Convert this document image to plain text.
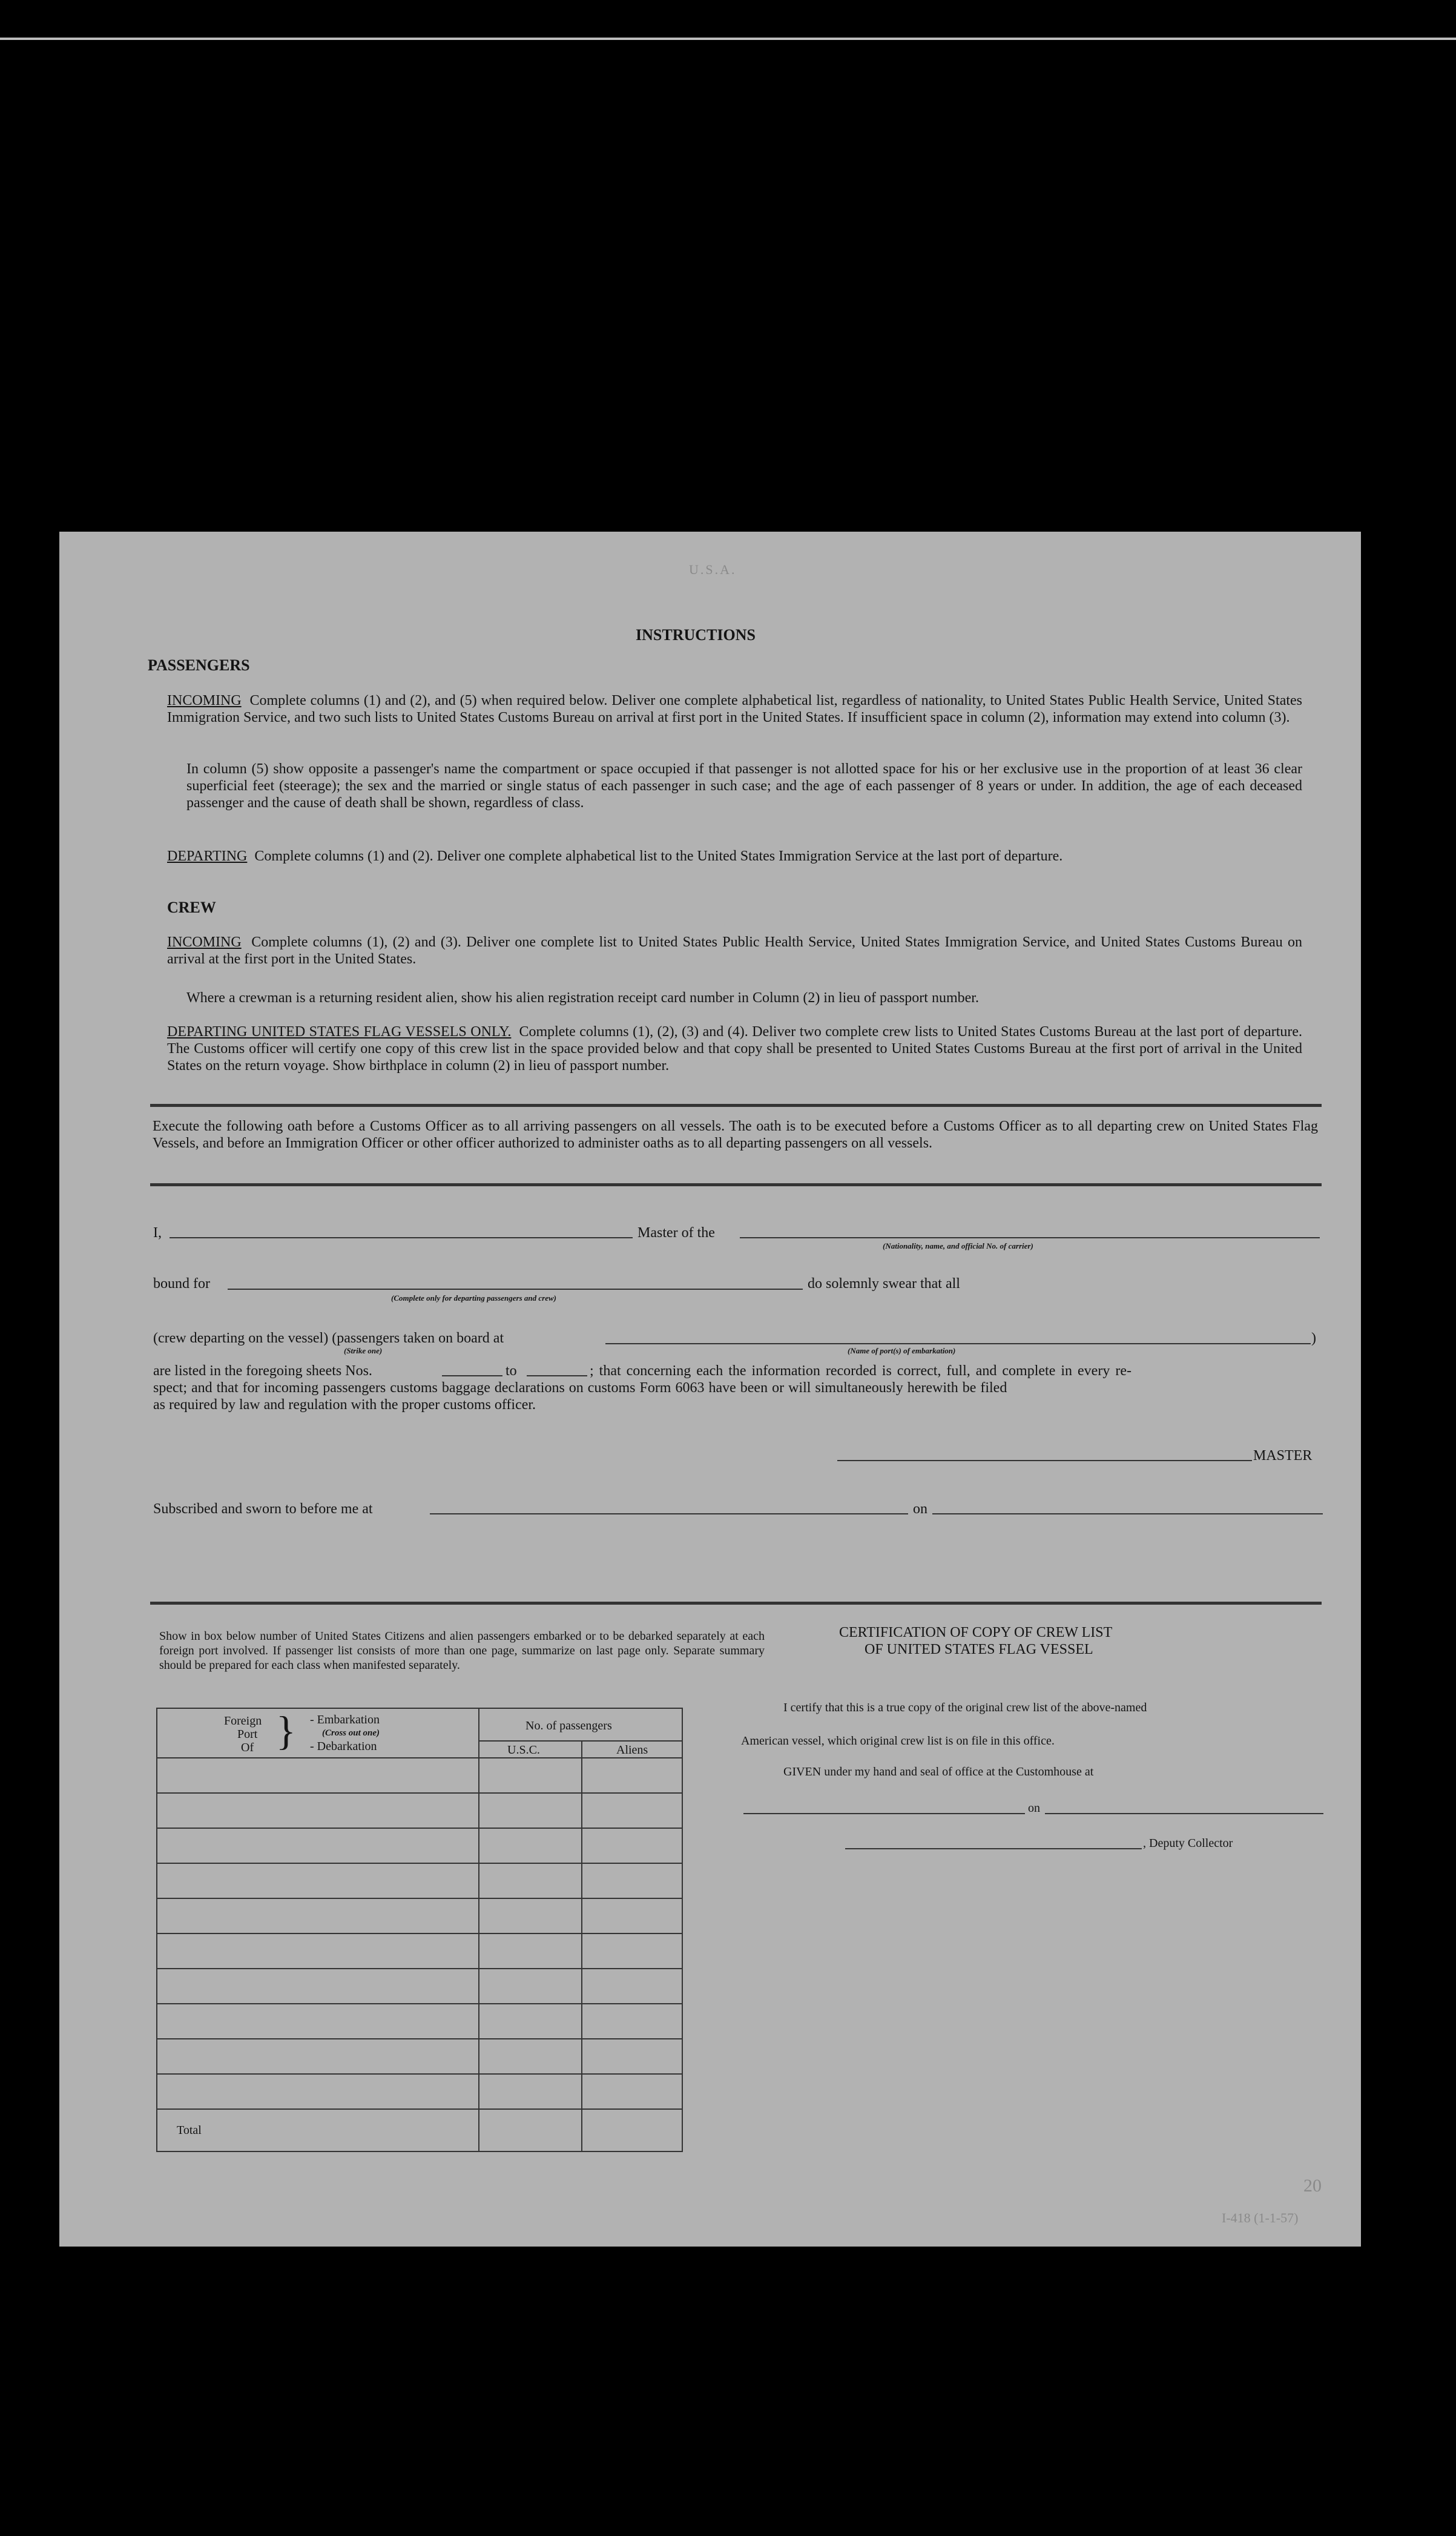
U.S.A.
20
I-418 (1-1-57)
INSTRUCTIONS
PASSENGERS
INCOMING Complete columns (1) and (2), and (5) when required below. Deliver one complete alphabetical list, regardless of nationality, to United States Public Health Service, United States Immigration Service, and two such lists to United States Customs Bureau on arrival at first port in the United States. If insufficient space in column (2), information may extend into column (3).
In column (5) show opposite a passenger's name the compartment or space occupied if that passenger is not allotted space for his or her exclusive use in the proportion of at least 36 clear superficial feet (steerage); the sex and the married or single status of each passenger in such case; and the age of each passenger of 8 years or under. In addition, the age of each deceased passenger and the cause of death shall be shown, regardless of class.
DEPARTING Complete columns (1) and (2). Deliver one complete alphabetical list to the United States Immigration Service at the last port of departure.
CREW
INCOMING Complete columns (1), (2) and (3). Deliver one complete list to United States Public Health Service, United States Immigration Service, and United States Customs Bureau on arrival at the first port in the United States.
Where a crewman is a returning resident alien, show his alien registration receipt card number in Column (2) in lieu of passport number.
DEPARTING UNITED STATES FLAG VESSELS ONLY. Complete columns (1), (2), (3) and (4). Deliver two complete crew lists to United States Customs Bureau at the last port of departure. The Customs officer will certify one copy of this crew list in the space provided below and that copy shall be presented to United States Customs Bureau at the first port of arrival in the United States on the return voyage. Show birthplace in column (2) in lieu of passport number.
Execute the following oath before a Customs Officer as to all arriving passengers on all vessels. The oath is to be executed before a Customs Officer as to all departing crew on United States Flag Vessels, and before an Immigration Officer or other officer authorized to administer oaths as to all departing passengers on all vessels.
I,	Master of the
(Nationality, name, and official No. of carrier)
bound for
(Complete only for departing passengers and crew)
do solemnly swear that all
(crew departing on the vessel) (passengers taken on board at	)
(Strike one)	(Name of port(s) of embarkation)
are listed in the foregoing sheets Nos.	to	; that concerning each the information recorded is correct, full, and complete in every re-
spect; and that for incoming passengers customs baggage declarations on customs Form 6063 have been or will simultaneously herewith be filed
as required by law and regulation with the proper customs officer.
MASTER
Subscribed and sworn to before me at	on
Show in box below number of United States Citizens and alien passengers embarked or to be debarked separately at each foreign port involved. If passenger list consists of more than one page, summarize on last page only. Separate summary should be prepared for each class when manifested separately.
Foreign
Port
Of } - Embarkation
(Cross out one)
- Debarkation
No. of passengers
U.S.C.	Aliens
Total
CERTIFICATION OF COPY OF CREW LIST
OF UNITED STATES FLAG VESSEL
I certify that this is a true copy of the original crew list of the above-named
American vessel, which original crew list is on file in this office.
GIVEN under my hand and seal of office at the Customhouse at
on
, Deputy Collector
